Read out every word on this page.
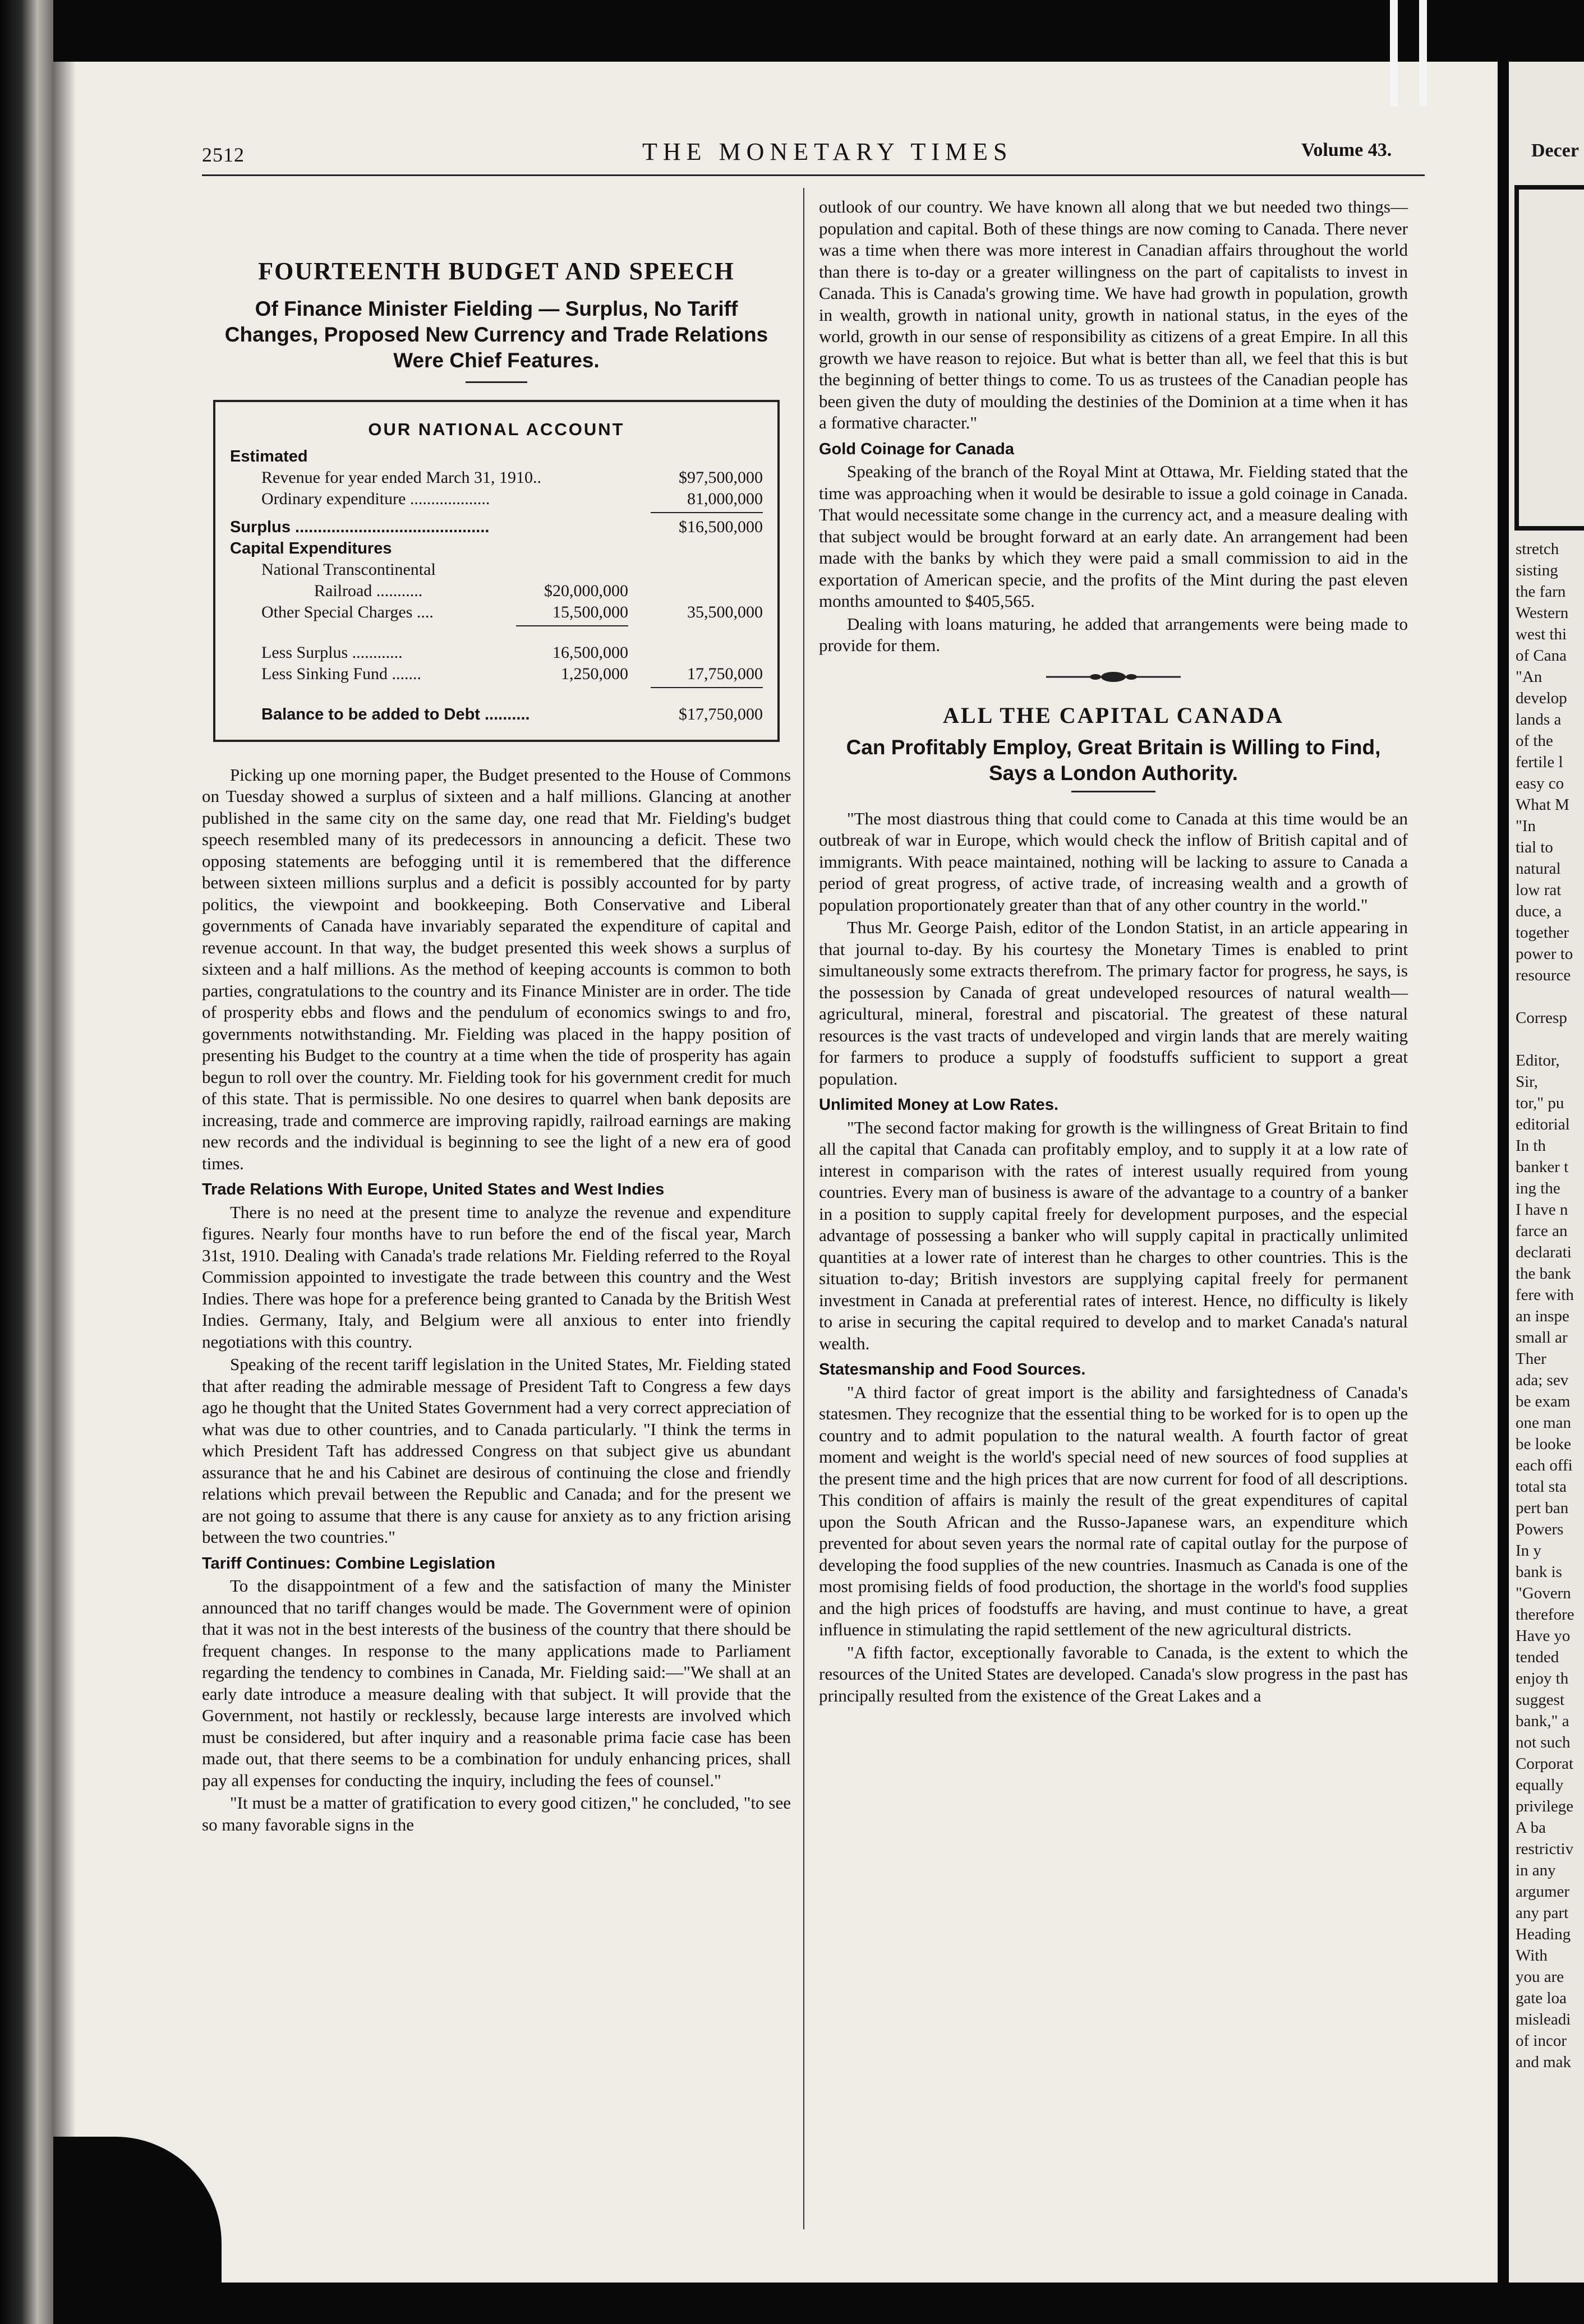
2512	THE MONETARY TIMES	Volume 43.
FOURTEENTH BUDGET AND SPEECH
Of Finance Minister Fielding — Surplus, No Tariff Changes, Proposed New Currency and Trade Relations Were Chief Features.
OUR NATIONAL ACCOUNT
Estimated
Revenue for year ended March 31, 1910..	$97,500,000
Ordinary expenditure ...................	81,000,000
Surplus ...........................................	$16,500,000
Capital Expenditures
National Transcontinental
Railroad ...........	$20,000,000
Other Special Charges ....	15,500,000	35,500,000
Less Surplus ............	16,500,000
Less Sinking Fund .......	1,250,000	17,750,000
Balance to be added to Debt ..........	$17,750,000

Picking up one morning paper, the Budget presented to the House of Commons on Tuesday showed a surplus of sixteen and a half millions. Glancing at another published in the same city on the same day, one read that Mr. Fielding's budget speech resembled many of its predecessors in announcing a deficit. These two opposing statements are befogging until it is remembered that the difference between sixteen millions surplus and a deficit is possibly accounted for by party politics, the viewpoint and bookkeeping. Both Conservative and Liberal governments of Canada have invariably separated the expenditure of capital and revenue account. In that way, the budget presented this week shows a surplus of sixteen and a half millions. As the method of keeping accounts is common to both parties, congratulations to the country and its Finance Minister are in order. The tide of prosperity ebbs and flows and the pendulum of economics swings to and fro, governments notwithstanding. Mr. Fielding was placed in the happy position of presenting his Budget to the country at a time when the tide of prosperity has again begun to roll over the country. Mr. Fielding took for his government credit for much of this state. That is permissible. No one desires to quarrel when bank deposits are increasing, trade and commerce are improving rapidly, railroad earnings are making new records and the individual is beginning to see the light of a new era of good times.

Trade Relations With Europe, United States and West Indies

There is no need at the present time to analyze the revenue and expenditure figures. Nearly four months have to run before the end of the fiscal year, March 31st, 1910. Dealing with Canada's trade relations Mr. Fielding referred to the Royal Commission appointed to investigate the trade between this country and the West Indies. There was hope for a preference being granted to Canada by the British West Indies. Germany, Italy, and Belgium were all anxious to enter into friendly negotiations with this country.

Speaking of the recent tariff legislation in the United States, Mr. Fielding stated that after reading the admirable message of President Taft to Congress a few days ago he thought that the United States Government had a very correct appreciation of what was due to other countries, and to Canada particularly. "I think the terms in which President Taft has addressed Congress on that subject give us abundant assurance that he and his Cabinet are desirous of continuing the close and friendly relations which prevail between the Republic and Canada; and for the present we are not going to assume that there is any cause for anxiety as to any friction arising between the two countries."

Tariff Continues: Combine Legislation

To the disappointment of a few and the satisfaction of many the Minister announced that no tariff changes would be made. The Government were of opinion that it was not in the best interests of the business of the country that there should be frequent changes. In response to the many applications made to Parliament regarding the tendency to combines in Canada, Mr. Fielding said:—"We shall at an early date introduce a measure dealing with that subject. It will provide that the Government, not hastily or recklessly, because large interests are involved which must be considered, but after inquiry and a reasonable prima facie case has been made out, that there seems to be a combination for unduly enhancing prices, shall pay all expenses for conducting the inquiry, including the fees of counsel."

"It must be a matter of gratification to every good citizen," he concluded, "to see so many favorable signs in the

outlook of our country. We have known all along that we but needed two things—population and capital. Both of these things are now coming to Canada. There never was a time when there was more interest in Canadian affairs throughout the world than there is to-day or a greater willingness on the part of capitalists to invest in Canada. This is Canada's growing time. We have had growth in population, growth in wealth, growth in national unity, growth in national status, in the eyes of the world, growth in our sense of responsibility as citizens of a great Empire. In all this growth we have reason to rejoice. But what is better than all, we feel that this is but the beginning of better things to come. To us as trustees of the Canadian people has been given the duty of moulding the destinies of the Dominion at a time when it has a formative character."

Gold Coinage for Canada

Speaking of the branch of the Royal Mint at Ottawa, Mr. Fielding stated that the time was approaching when it would be desirable to issue a gold coinage in Canada. That would necessitate some change in the currency act, and a measure dealing with that subject would be brought forward at an early date. An arrangement had been made with the banks by which they were paid a small commission to aid in the exportation of American specie, and the profits of the Mint during the past eleven months amounted to $405,565.

Dealing with loans maturing, he added that arrangements were being made to provide for them.

ALL THE CAPITAL CANADA
Can Profitably Employ, Great Britain is Willing to Find, Says a London Authority.

"The most diastrous thing that could come to Canada at this time would be an outbreak of war in Europe, which would check the inflow of British capital and of immigrants. With peace maintained, nothing will be lacking to assure to Canada a period of great progress, of active trade, of increasing wealth and a growth of population proportionately greater than that of any other country in the world."

Thus Mr. George Paish, editor of the London Statist, in an article appearing in that journal to-day. By his courtesy the Monetary Times is enabled to print simultaneously some extracts therefrom. The primary factor for progress, he says, is the possession by Canada of great undeveloped resources of natural wealth—agricultural, mineral, forestral and piscatorial. The greatest of these natural resources is the vast tracts of undeveloped and virgin lands that are merely waiting for farmers to produce a supply of foodstuffs sufficient to support a great population.

Unlimited Money at Low Rates.

"The second factor making for growth is the willingness of Great Britain to find all the capital that Canada can profitably employ, and to supply it at a low rate of interest in comparison with the rates of interest usually required from young countries. Every man of business is aware of the advantage to a country of a banker in a position to supply capital freely for development purposes, and the especial advantage of possessing a banker who will supply capital in practically unlimited quantities at a lower rate of interest than he charges to other countries. This is the situation to-day; British investors are supplying capital freely for permanent investment in Canada at preferential rates of interest. Hence, no difficulty is likely to arise in securing the capital required to develop and to market Canada's natural wealth.

Statesmanship and Food Sources.

"A third factor of great import is the ability and farsightedness of Canada's statesmen. They recognize that the essential thing to be worked for is to open up the country and to admit population to the natural wealth. A fourth factor of great moment and weight is the world's special need of new sources of food supplies at the present time and the high prices that are now current for food of all descriptions. This condition of affairs is mainly the result of the great expenditures of capital upon the South African and the Russo-Japanese wars, an expenditure which prevented for about seven years the normal rate of capital outlay for the purpose of developing the food supplies of the new countries. Inasmuch as Canada is one of the most promising fields of food production, the shortage in the world's food supplies and the high prices of foodstuffs are having, and must continue to have, a great influence in stimulating the rapid settlement of the new agricultural districts.

"A fifth factor, exceptionally favorable to Canada, is the extent to which the resources of the United States are developed. Canada's slow progress in the past has principally resulted from the existence of the Great Lakes and a

Decer
stretch
sisting
the farn
Western
west thi
of Cana
"An
develop
lands a
of the
fertile l
easy co
What M
"In
tial to
natural
low rat
duce, a
together
power to
resource
Corresp
Editor,
Sir,
tor," pu
editorial
In th
banker t
ing the
I have n
farce an
declarati
the bank
fere with
an inspe
small ar
Ther
ada; sev
be exam
one man
be looke
each offi
total sta
pert ban
Powers
In y
bank is
"Govern
therefore
Have yo
tended
enjoy th
suggest
bank," a
not such
Corporat
equally
privilege
A ba
restrictiv
in any
argumer
any part
Heading
With
you are
gate loa
misleadi
of incor
and mak
